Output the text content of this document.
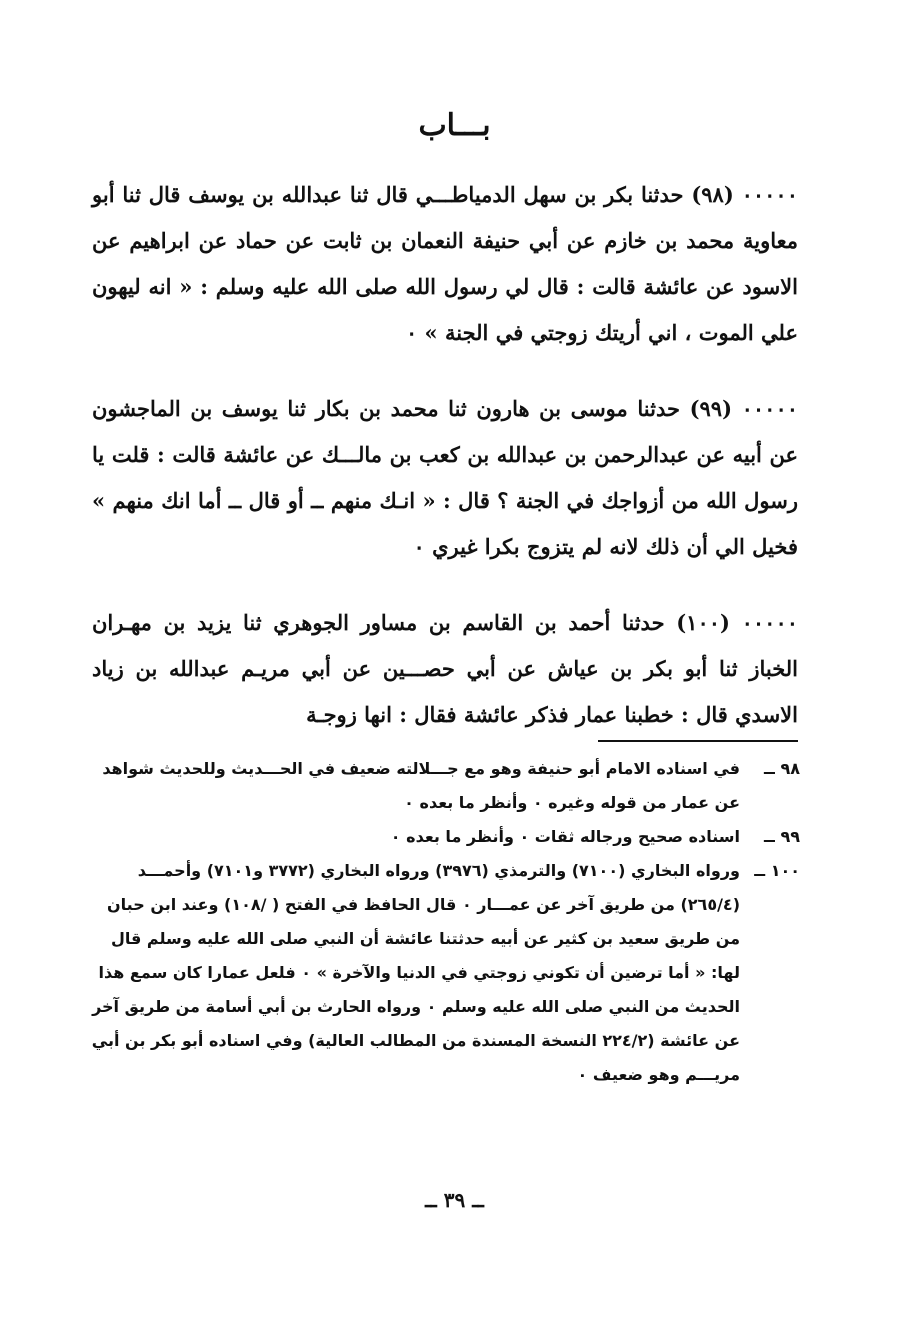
بـــاب

٠٠٠٠٠ (٩٨) حدثنا بكر بن سهل الدمياطـــي قال ثنا عبدالله بن يوسف قال ثنا أبو معاوية محمد بن خازم عن أبي حنيفة النعمان بن ثابت عن حماد عن ابراهيم عن الاسود عن عائشة قالت : قال لي رسول الله صلى الله عليه وسلم : « انه ليهون علي الموت ، اني أريتك زوجتي في الجنة » ٠

٠٠٠٠٠ (٩٩) حدثنا موسى بن هارون ثنا محمد بن بكار ثنا يوسف بن الماجشون عن أبيه عن عبدالرحمن بن عبدالله بن كعب بن مالـــك عن عائشة قالت : قلت يا رسول الله من أزواجك في الجنة ؟ قال : « انـك منهم ــ أو قال ــ أما انك منهم » فخيل الي أن ذلك لانه لم يتزوج بكرا غيري ٠

٠٠٠٠٠ (١٠٠) حدثنا أحمد بن القاسم بن مساور الجوهري ثنا يزيد بن مهـران الخباز ثنا أبو بكر بن عياش عن أبي حصـــين عن أبي مريـم عبدالله بن زياد الاسدي قال : خطبنا عمار فذكر عائشة فقال : انها زوجـة

٩٨ ــ
في اسناده الامام أبو حنيفة وهو مع جـــلالته ضعيف في الحـــديث وللحديث شواهد عن عمار من قوله وغيره ٠ وأنظر ما بعده ٠
٩٩ ــ
اسناده صحيح ورجاله ثقات ٠ وأنظر ما بعده ٠
١٠٠ ــ
ورواه البخاري (٧١٠٠) والترمذي (٣٩٧٦) ورواه البخاري (٣٧٧٢ و٧١٠١) وأحمـــد (٢٦٥/٤) من طريق آخر عن عمـــار ٠ قال الحافظ في الفتح ( /١٠٨) وعند ابن حبان من طريق سعيد بن كثير عن أبيه حدثتنا عائشة أن النبي صلى الله عليه وسلم قال لها: « أما ترضين أن تكوني زوجتي في الدنيا والآخرة » ٠ فلعل عمارا كان سمع هذا الحديث من النبي صلى الله عليه وسلم ٠ ورواه الحارث بن أبي أسامة من طريق آخر عن عائشة (٢٢٤/٢ النسخة المسندة من المطالب العالية) وفي اسناده أبو بكر بن أبي مريـــم وهو ضعيف ٠
ــ ٣٩ ــ
